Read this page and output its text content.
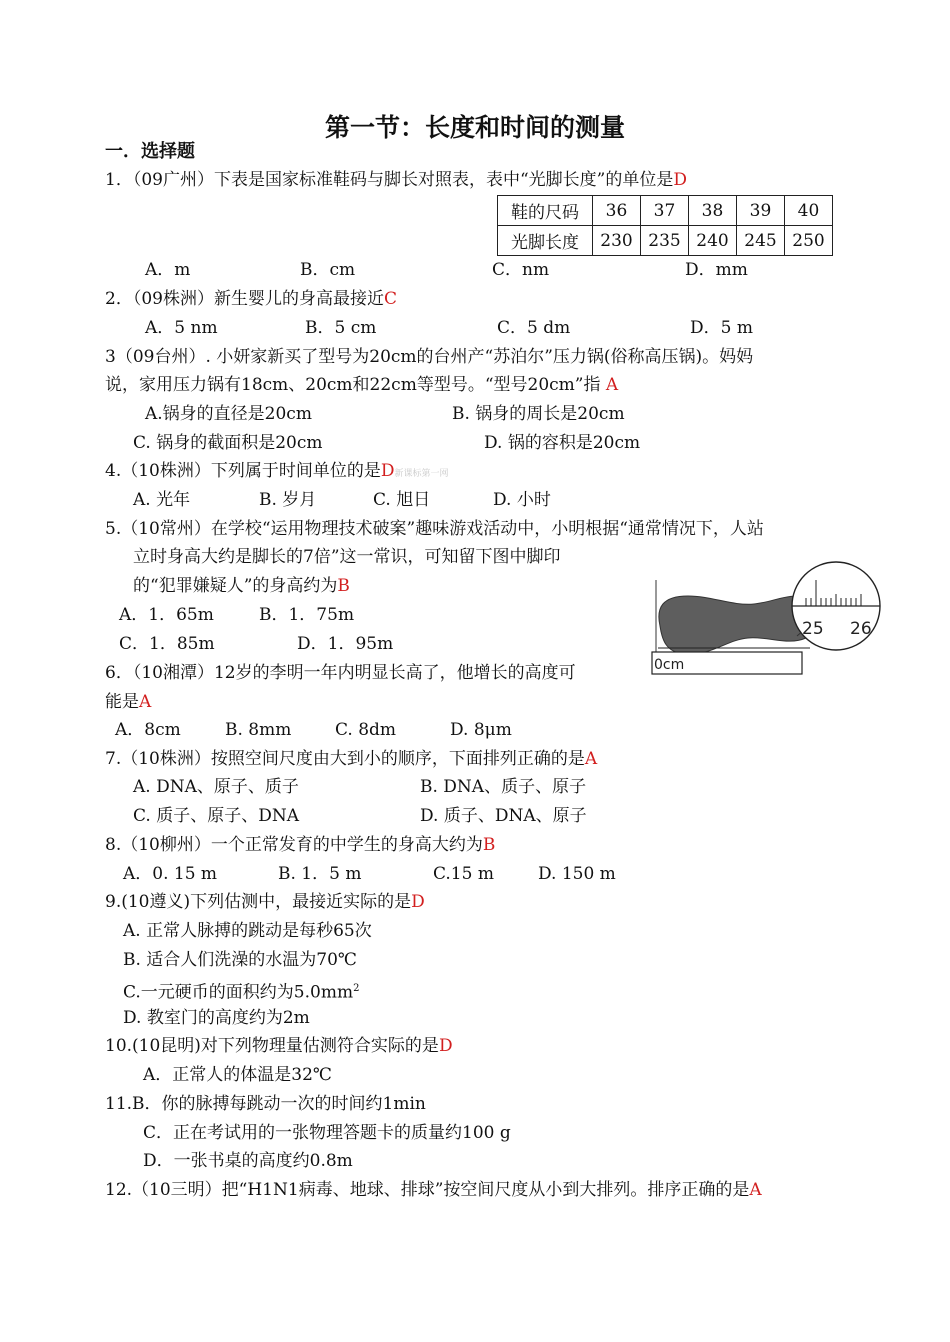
第一节：长度和时间的测量
一．选择题
1．（09广州）下表是国家标准鞋码与脚长对照表，表中“光脚长度”的单位是D
鞋的尺码	36	37	38	39	40
光脚长度	230	235	240	245	250
A．m	B．cm	C．nm	D．mm
2．（09株洲）新生婴儿的身高最接近C
A．5 nm	B．5 cm	C．5 dm	D．5 m
3（09台州）. 小妍家新买了型号为20cm的台州产“苏泊尔”压力锅(俗称高压锅)。妈妈
说，家用压力锅有18cm、20cm和22cm等型号。“型号20cm”指 A
A.锅身的直径是20cm	B. 锅身的周长是20cm
C. 锅身的截面积是20cm	D. 锅的容积是20cm
4.（10株洲）下列属于时间单位的是D新课标第一网
A. 光年	B. 岁月	C. 旭日	D. 小时
5.（10常州）在学校“运用物理技术破案”趣味游戏活动中，小明根据“通常情况下，人站
立时身高大约是脚长的7倍”这一常识，可知留下图中脚印
的“犯罪嫌疑人”的身高约为B
A．1．65m	B．1．75m
C．1．85m	D．1．95m
0cm
25 26
6．（10湘潭）12岁的李明一年内明显长高了，他增长的高度可
能是A
A．8cm	B. 8mm	C. 8dm	D. 8μm
7.（10株洲）按照空间尺度由大到小的顺序，下面排列正确的是A
A. DNA、原子、质子	B. DNA、质子、原子
C. 质子、原子、DNA	D. 质子、DNA、原子
8.（10柳州）一个正常发育的中学生的身高大约为B
A．0. 15 m	B. 1．5 m	C.15 m	D. 150 m
9.(10遵义)下列估测中，最接近实际的是D
A. 正常人脉搏的跳动是每秒65次
B. 适合人们洗澡的水温为70℃
C.一元硬币的面积约为$5.0mm^2$
D. 教室门的高度约为2m
10.(10昆明)对下列物理量估测符合实际的是D
A．正常人的体温是32℃
11.B．你的脉搏每跳动一次的时间约1min
C．正在考试用的一张物理答题卡的质量约100 g
D．一张书桌的高度约0.8m
12.（10三明）把“H1N1病毒、地球、排球”按空间尺度从小到大排列。排序正确的是A
